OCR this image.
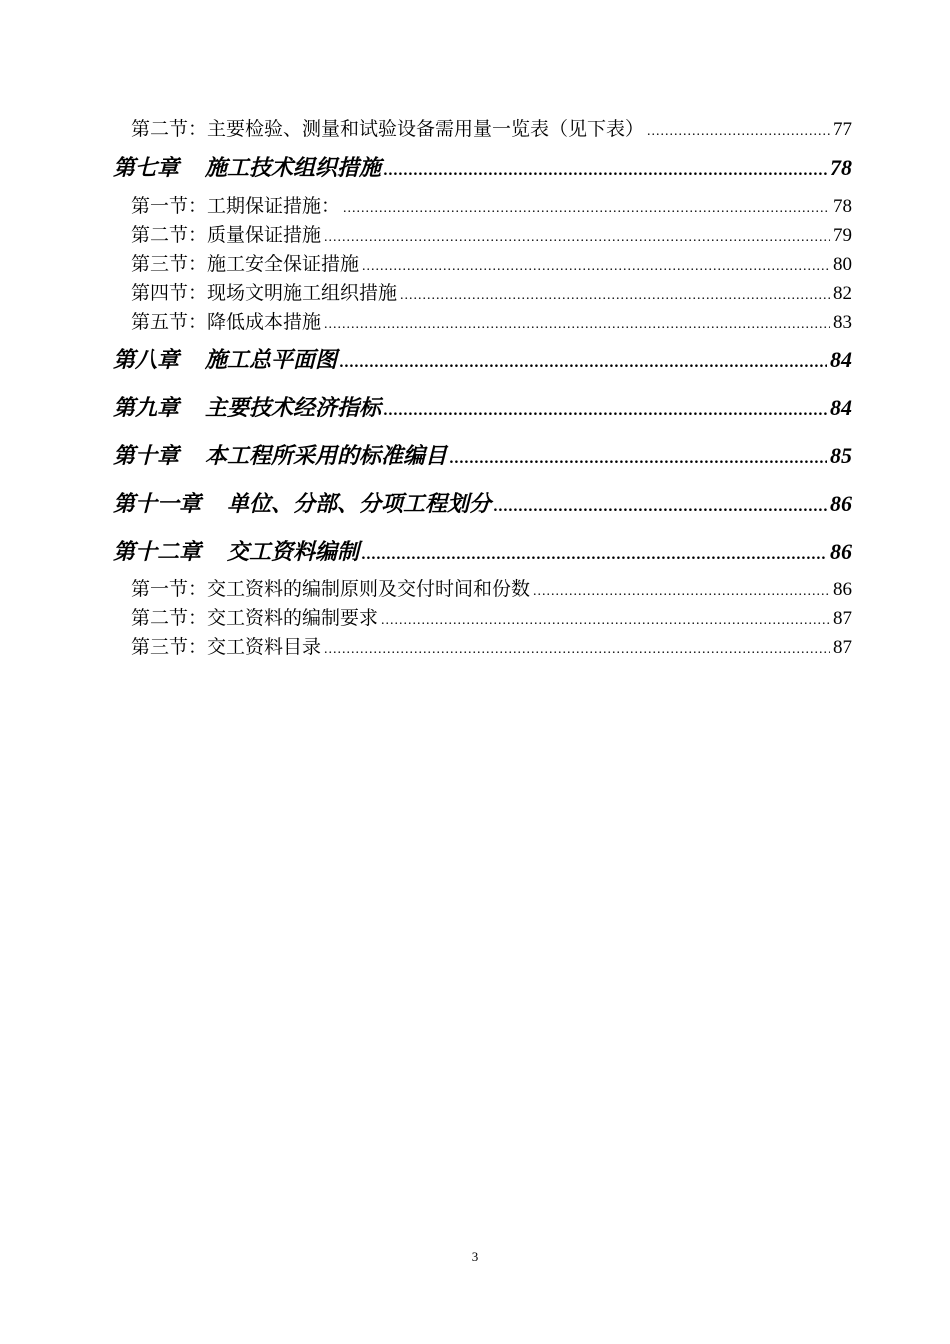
第二节：主要检验、测量和试验设备需用量一览表（见下表） .....	77
第七章 施工技术组织措施 .....	78
第一节：工期保证措施： .....	78
第二节：质量保证措施 .....	79
第三节：施工安全保证措施 .....	80
第四节：现场文明施工组织措施 .....	82
第五节：降低成本措施 .....	83
第八章 施工总平面图 .....	84
第九章 主要技术经济指标 .....	84
第十章 本工程所采用的标准编目 .....	85
第十一章 单位、分部、分项工程划分 .....	86
第十二章 交工资料编制 .....	86
第一节：交工资料的编制原则及交付时间和份数 .....	86
第二节：交工资料的编制要求 .....	87
第三节：交工资料目录 .....	87
3
